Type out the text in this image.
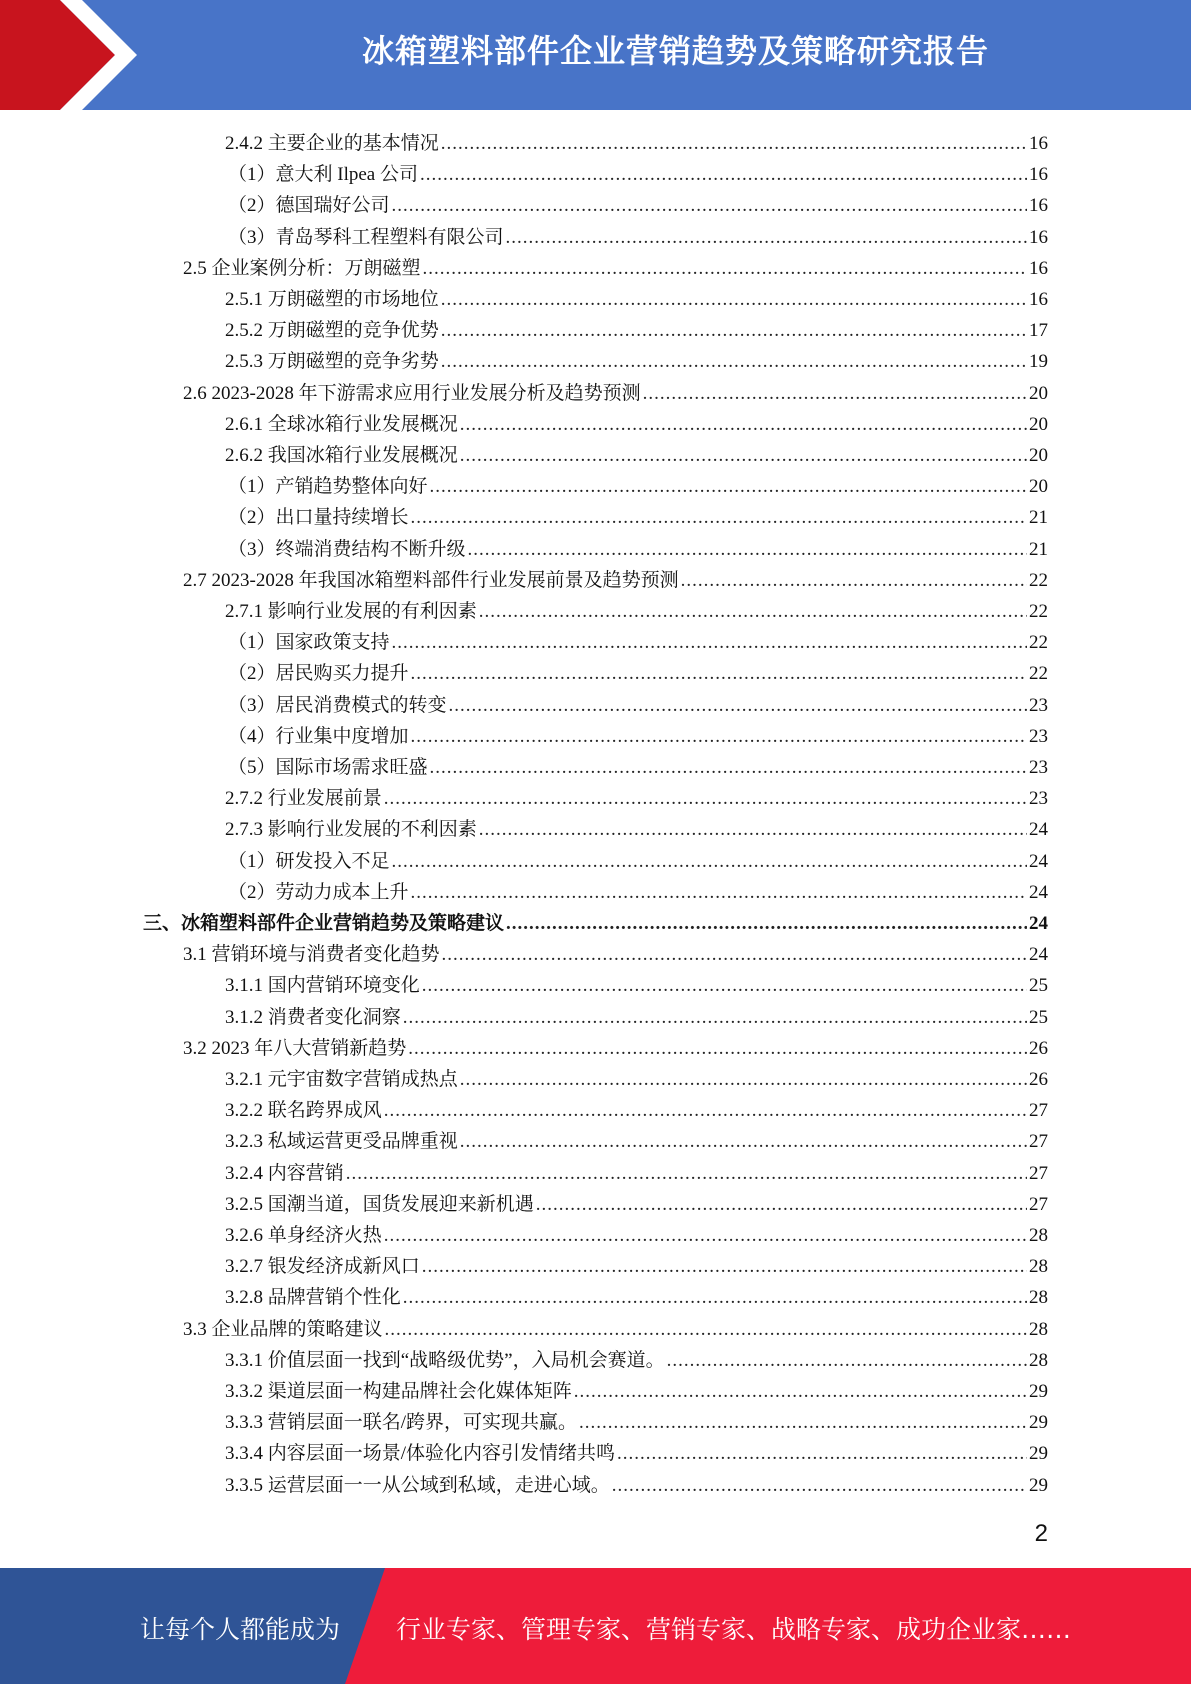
冰箱塑料部件企业营销趋势及策略研究报告
2.4.2 主要企业的基本情况 .....	16
（1）意大利 Ilpea 公司 .....	16
（2）德国瑞好公司 .....	16
（3）青岛琴科工程塑料有限公司 .....	16
2.5 企业案例分析：万朗磁塑 .....	16
2.5.1 万朗磁塑的市场地位 .....	16
2.5.2 万朗磁塑的竞争优势 .....	17
2.5.3 万朗磁塑的竞争劣势 .....	19
2.6 2023-2028 年下游需求应用行业发展分析及趋势预测 .....	20
2.6.1 全球冰箱行业发展概况 .....	20
2.6.2 我国冰箱行业发展概况 .....	20
（1）产销趋势整体向好 .....	20
（2）出口量持续增长 .....	21
（3）终端消费结构不断升级 .....	21
2.7 2023-2028 年我国冰箱塑料部件行业发展前景及趋势预测 .....	22
2.7.1 影响行业发展的有利因素 .....	22
（1）国家政策支持 .....	22
（2）居民购买力提升 .....	22
（3）居民消费模式的转变 .....	23
（4）行业集中度增加 .....	23
（5）国际市场需求旺盛 .....	23
2.7.2 行业发展前景 .....	23
2.7.3 影响行业发展的不利因素 .....	24
（1）研发投入不足 .....	24
（2）劳动力成本上升 .....	24
三、冰箱塑料部件企业营销趋势及策略建议 .....	24
3.1 营销环境与消费者变化趋势 .....	24
3.1.1 国内营销环境变化 .....	25
3.1.2 消费者变化洞察 .....	25
3.2 2023 年八大营销新趋势 .....	26
3.2.1 元宇宙数字营销成热点 .....	26
3.2.2 联名跨界成风 .....	27
3.2.3 私域运营更受品牌重视 .....	27
3.2.4 内容营销 .....	27
3.2.5 国潮当道，国货发展迎来新机遇 .....	27
3.2.6 单身经济火热 .....	28
3.2.7 银发经济成新风口 .....	28
3.2.8 品牌营销个性化 .....	28
3.3 企业品牌的策略建议 .....	28
3.3.1 价值层面一找到“战略级优势”，入局机会赛道。 .....	28
3.3.2 渠道层面一构建品牌社会化媒体矩阵 .....	29
3.3.3 营销层面一联名/跨界，可实现共赢。 .....	29
3.3.4 内容层面一场景/体验化内容引发情绪共鸣 .....	29
3.3.5 运营层面一一从公域到私域，走进心域。 .....	29
2
让每个人都能成为 行业专家、管理专家、营销专家、战略专家、成功企业家……
